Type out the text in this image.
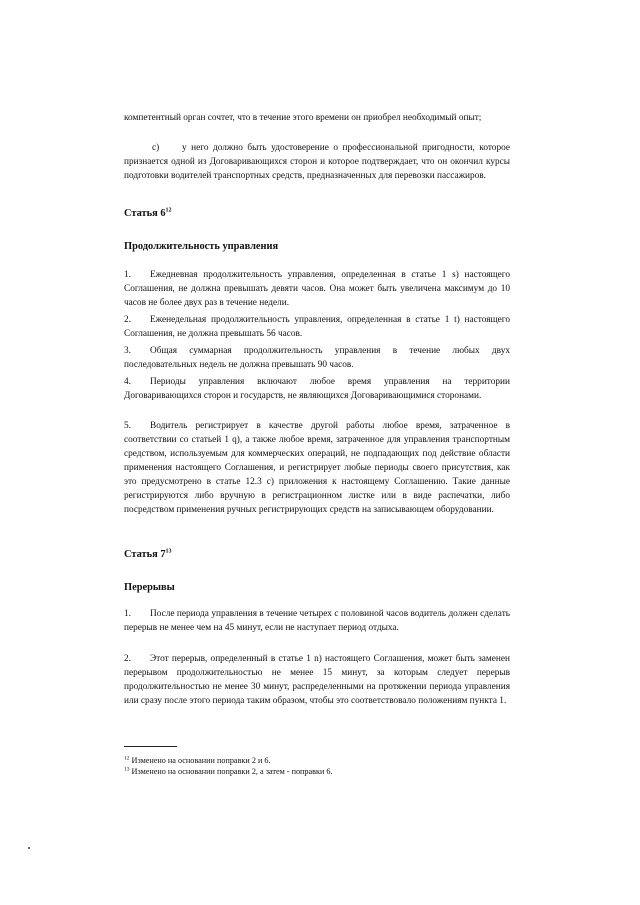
компетентный орган сочтет, что в течение этого времени он приобрел необходимый опыт;

c) у него должно быть удостоверение о профессиональной пригодности, которое признается одной из Договаривающихся сторон и которое подтверждает, что он окончил курсы подготовки водителей транспортных средств, предназначенных для перевозки пассажиров.

Статья $6^{12}$
Продолжительность управления

1. Ежедневная продолжительность управления, определенная в статье 1 s) настоящего Соглашения, не должна превышать девяти часов. Она может быть увеличена максимум до 10 часов не более двух раз в течение недели.

2. Еженедельная продолжительность управления, определенная в статье 1 t) настоящего Соглашения, не должна превышать 56 часов.

3. Общая суммарная продолжительность управления в течение любых двух последовательных недель не должна превышать 90 часов.

4. Периоды управления включают любое время управления на территории Договаривающихся сторон и государств, не являющихся Договаривающимися сторонами.

5. Водитель регистрирует в качестве другой работы любое время, затраченное в соответствии со статьей 1 q), а также любое время, затраченное для управления транспортным средством, используемым для коммерческих операций, не подпадающих под действие области применения настоящего Соглашения, и регистрирует любые периоды своего присутствия, как это предусмотрено в статье 12.3 c) приложения к настоящему Соглашению. Такие данные регистрируются либо вручную в регистрационном листке или в виде распечатки, либо посредством применения ручных регистрирующих средств на записывающем оборудовании.

Статья $7^{13}$
Перерывы

1. После периода управления в течение четырех с половиной часов водитель должен сделать перерыв не менее чем на 45 минут, если не наступает период отдыха.

2. Этот перерыв, определенный в статье 1 n) настоящего Соглашения, может быть заменен перерывом продолжительностью не менее 15 минут, за которым следует перерыв продолжительностью не менее 30 минут, распределенными на протяжении периода управления или сразу после этого периода таким образом, чтобы это соответствовало положениям пункта 1.

$^{12}$ Изменено на основании поправки 2 и 6.

$^{13}$ Изменено на основании поправки 2, а затем - поправки 6.
